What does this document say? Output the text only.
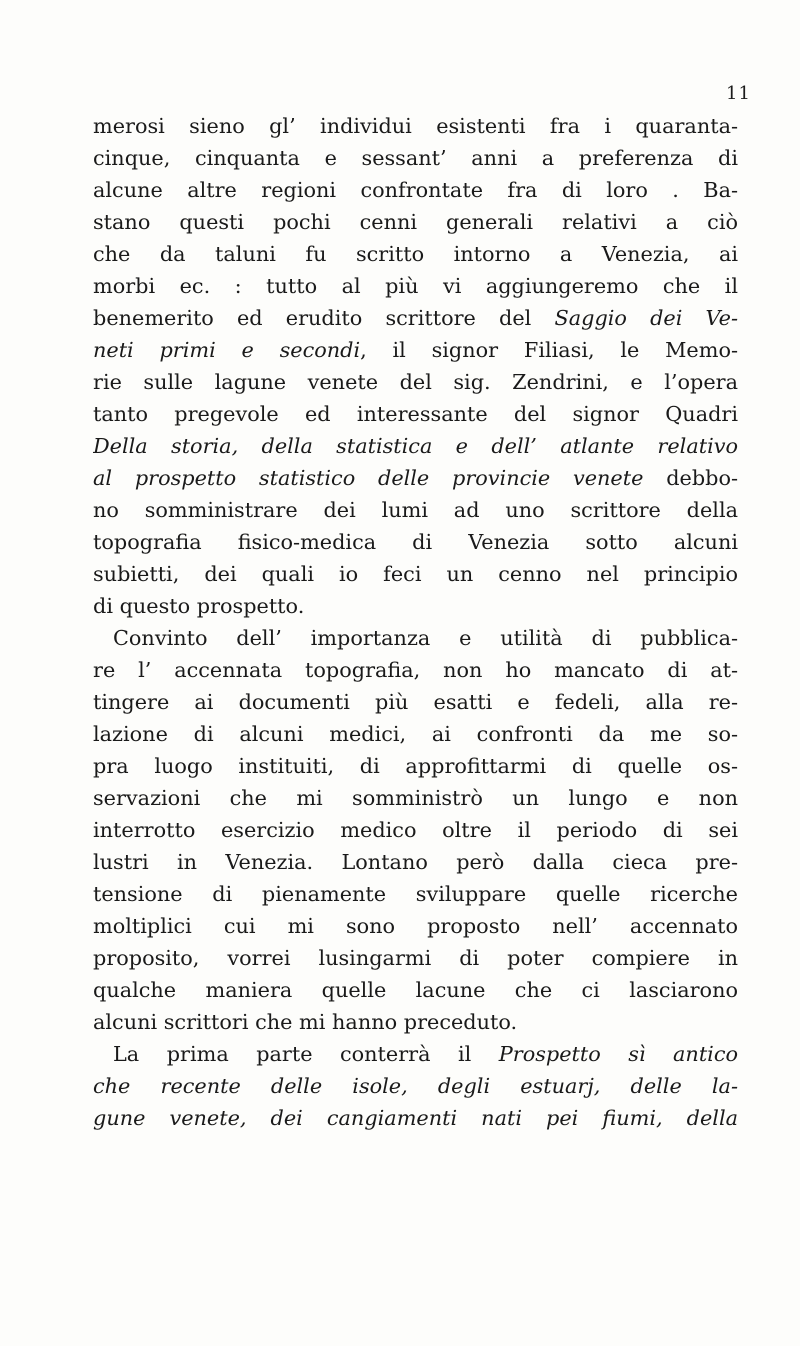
11
merosi sieno gl’ individui esistenti fra i quaranta-
cinque, cinquanta e sessant’ anni a preferenza di
alcune altre regioni confrontate fra di loro . Ba-
stano questi pochi cenni generali relativi a ciò
che da taluni fu scritto intorno a Venezia, ai
morbi ec. : tutto al più vi aggiungeremo che il
benemerito ed erudito scrittore del Saggio dei Ve-
neti primi e secondi, il signor Filiasi, le Memo-
rie sulle lagune venete del sig. Zendrini, e l’opera
tanto pregevole ed interessante del signor Quadri
Della storia, della statistica e dell’ atlante relativo
al prospetto statistico delle provincie venete debbo-
no somministrare dei lumi ad uno scrittore della
topografia fisico-medica di Venezia sotto alcuni
subietti, dei quali io feci un cenno nel principio
di questo prospetto.
Convinto dell’ importanza e utilità di pubblica-
re l’ accennata topografia, non ho mancato di at-
tingere ai documenti più esatti e fedeli, alla re-
lazione di alcuni medici, ai confronti da me so-
pra luogo instituiti, di approfittarmi di quelle os-
servazioni che mi somministrò un lungo e non
interrotto esercizio medico oltre il periodo di sei
lustri in Venezia. Lontano però dalla cieca pre-
tensione di pienamente sviluppare quelle ricerche
moltiplici cui mi sono proposto nell’ accennato
proposito, vorrei lusingarmi di poter compiere in
qualche maniera quelle lacune che ci lasciarono
alcuni scrittori che mi hanno preceduto.
La prima parte conterrà il Prospetto sì antico
che recente delle isole, degli estuarj, delle la-
gune venete, dei cangiamenti nati pei fiumi, della
